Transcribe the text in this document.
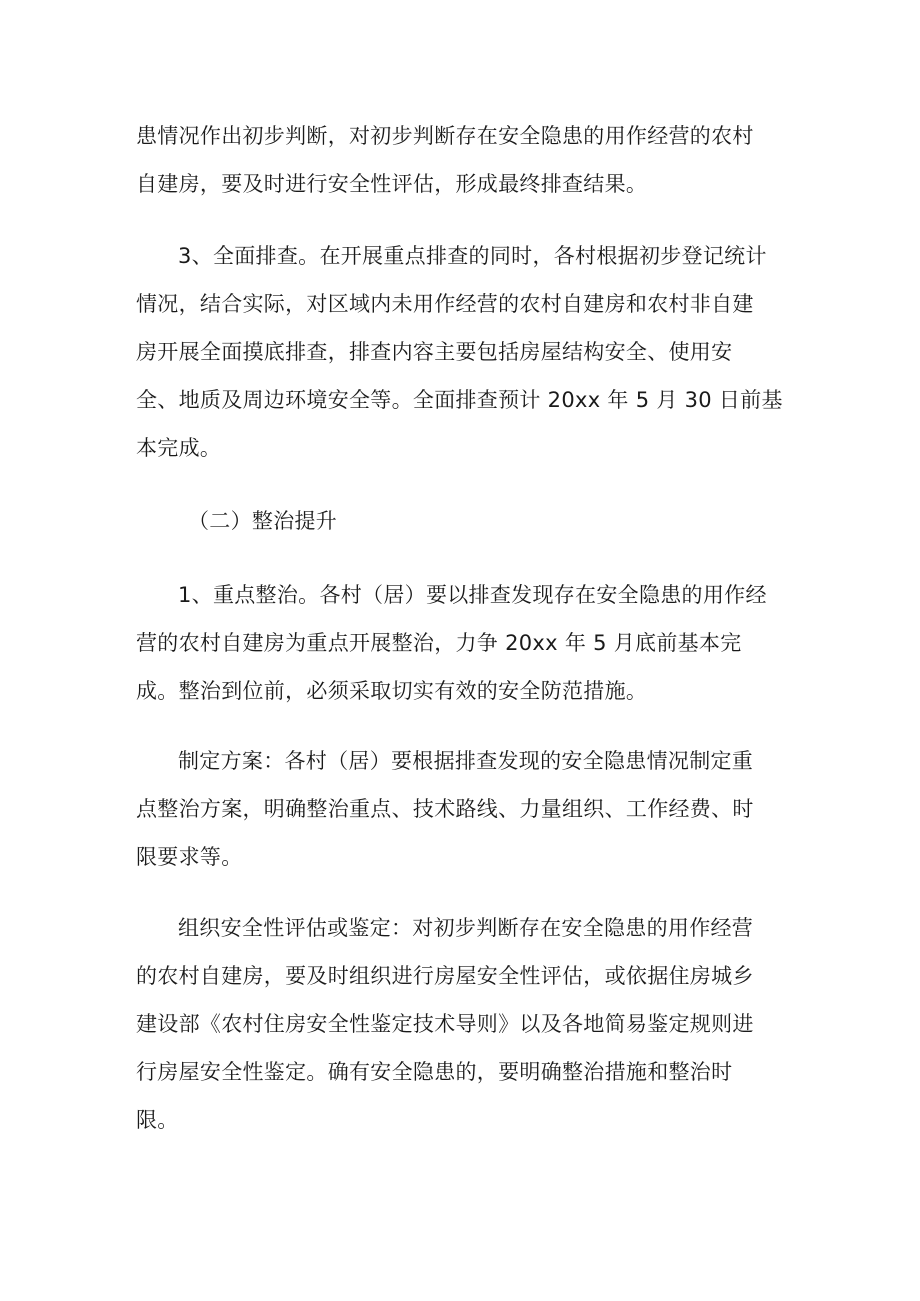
患情况作出初步判断，对初步判断存在安全隐患的用作经营的农村
自建房，要及时进行安全性评估，形成最终排查结果。
3、全面排查。在开展重点排查的同时，各村根据初步登记统计
情况，结合实际，对区域内未用作经营的农村自建房和农村非自建
房开展全面摸底排查，排查内容主要包括房屋结构安全、使用安
全、地质及周边环境安全等。全面排查预计 20xx 年 5 月 30 日前基
本完成。
（二）整治提升
1、重点整治。各村（居）要以排查发现存在安全隐患的用作经
营的农村自建房为重点开展整治，力争 20xx 年 5 月底前基本完
成。整治到位前，必须采取切实有效的安全防范措施。
制定方案：各村（居）要根据排查发现的安全隐患情况制定重
点整治方案，明确整治重点、技术路线、力量组织、工作经费、时
限要求等。
组织安全性评估或鉴定：对初步判断存在安全隐患的用作经营
的农村自建房，要及时组织进行房屋安全性评估，或依据住房城乡
建设部《农村住房安全性鉴定技术导则》以及各地简易鉴定规则进
行房屋安全性鉴定。确有安全隐患的，要明确整治措施和整治时
限。
